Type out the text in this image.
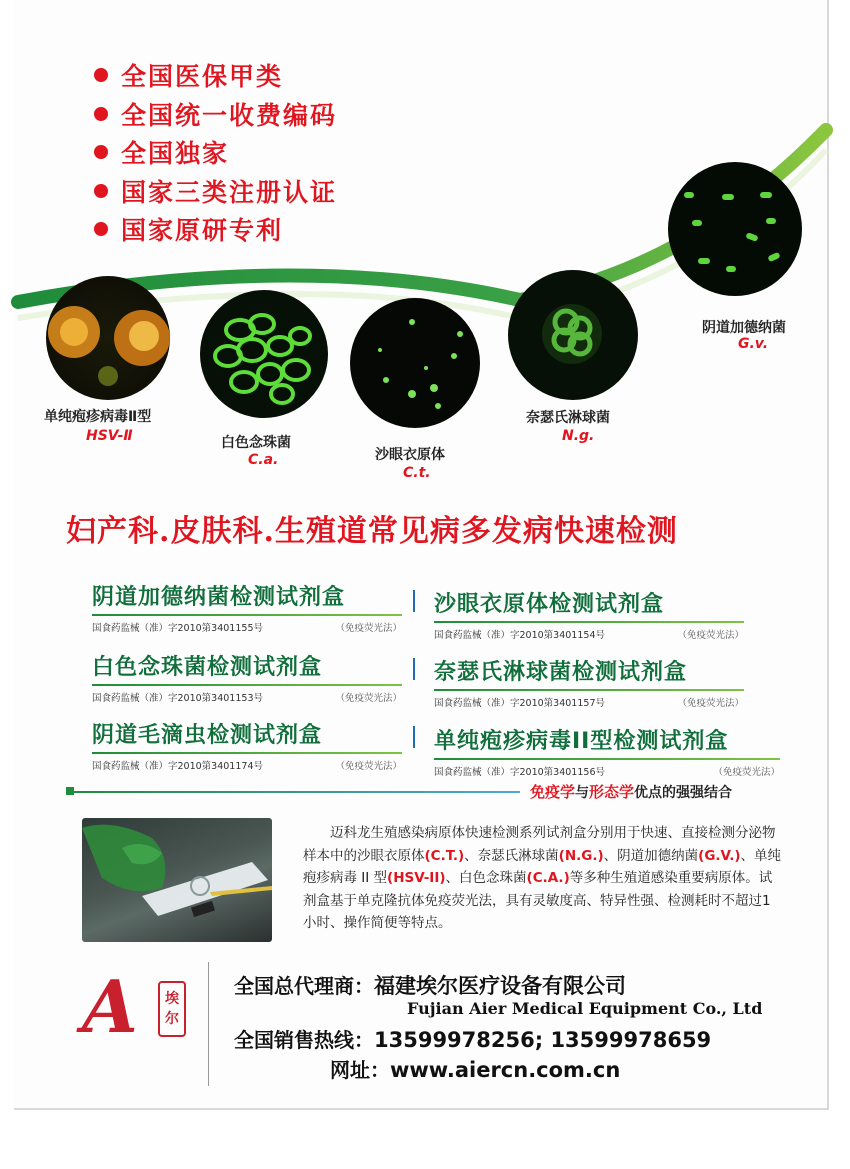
全国医保甲类
全国统一收费编码
全国独家
国家三类注册认证
国家原研专利
单纯疱疹病毒Ⅱ型
HSV-Ⅱ	白色念珠菌
C.a.	沙眼衣原体
C.t.
奈瑟氏淋球菌
N.g.
阴道加德纳菌
G.v.
妇产科.皮肤科.生殖道常见病多发病快速检测
阴道加德纳菌检测试剂盒
国食药监械（准）字2010第3401155号	（免疫荧光法）
沙眼衣原体检测试剂盒
国食药监械（准）字2010第3401154号	（免疫荧光法）
白色念珠菌检测试剂盒
国食药监械（准）字2010第3401153号	（免疫荧光法）
奈瑟氏淋球菌检测试剂盒
国食药监械（准）字2010第3401157号	（免疫荧光法）
阴道毛滴虫检测试剂盒
国食药监械（准）字2010第3401174号	（免疫荧光法）
单纯疱疹病毒II型检测试剂盒
国食药监械（准）字2010第3401156号	（免疫荧光法）
免疫学与形态学优点的强强结合
迈科龙生殖感染病原体快速检测系列试剂盒分别用于快速、直接检测分泌物样本中的沙眼衣原体(C.T.)、奈瑟氏淋球菌(N.G.)、阴道加德纳菌(G.V.)、单纯疱疹病毒 II 型(HSV-II)、白色念珠菌(C.A.)等多种生殖道感染重要病原体。试剂盒基于单克隆抗体免疫荧光法，具有灵敏度高、特异性强、检测耗时不超过1小时、操作简便等特点。
A 埃
尔
全国总代理商：福建埃尔医疗设备有限公司
Fujian Aier Medical Equipment Co., Ltd
全国销售热线：13599978256; 13599978659
网址：www.aiercn.com.cn
